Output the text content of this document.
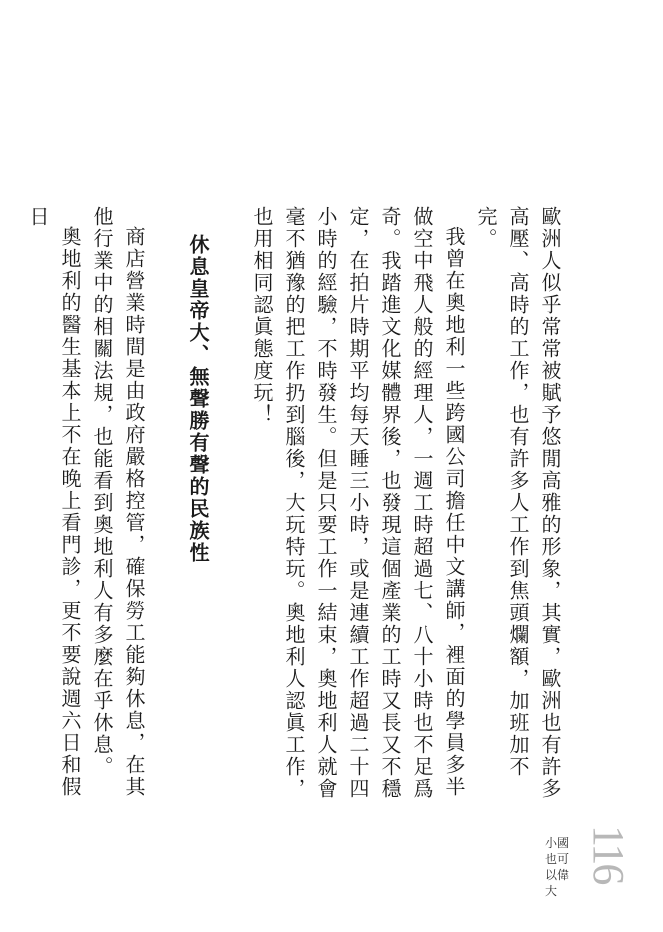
歐洲人似乎常常被賦予悠閒高雅的形象，其實，歐洲也有許多高壓、高時的工作，也有許多人工作到焦頭爛額，加班加不完。

我曾在奧地利一些跨國公司擔任中文講師，裡面的學員多半做空中飛人般的經理人，一週工時超過七、八十小時也不足爲奇。我踏進文化媒體界後，也發現這個產業的工時又長又不穩定，在拍片時期平均每天睡三小時，或是連續工作超過二十四小時的經驗，不時發生。但是只要工作一結束，奧地利人就會毫不猶豫的把工作扔到腦後，大玩特玩。奧地利人認眞工作，也用相同認眞態度玩！

休息皇帝大、無聲勝有聲的民族性

商店營業時間是由政府嚴格控管，確保勞工能夠休息，在其他行業中的相關法規，也能看到奧地利人有多麼在乎休息。

奧地利的醫生基本上不在晚上看門診，更不要說週六日和假日

116
小國也可以偉大
